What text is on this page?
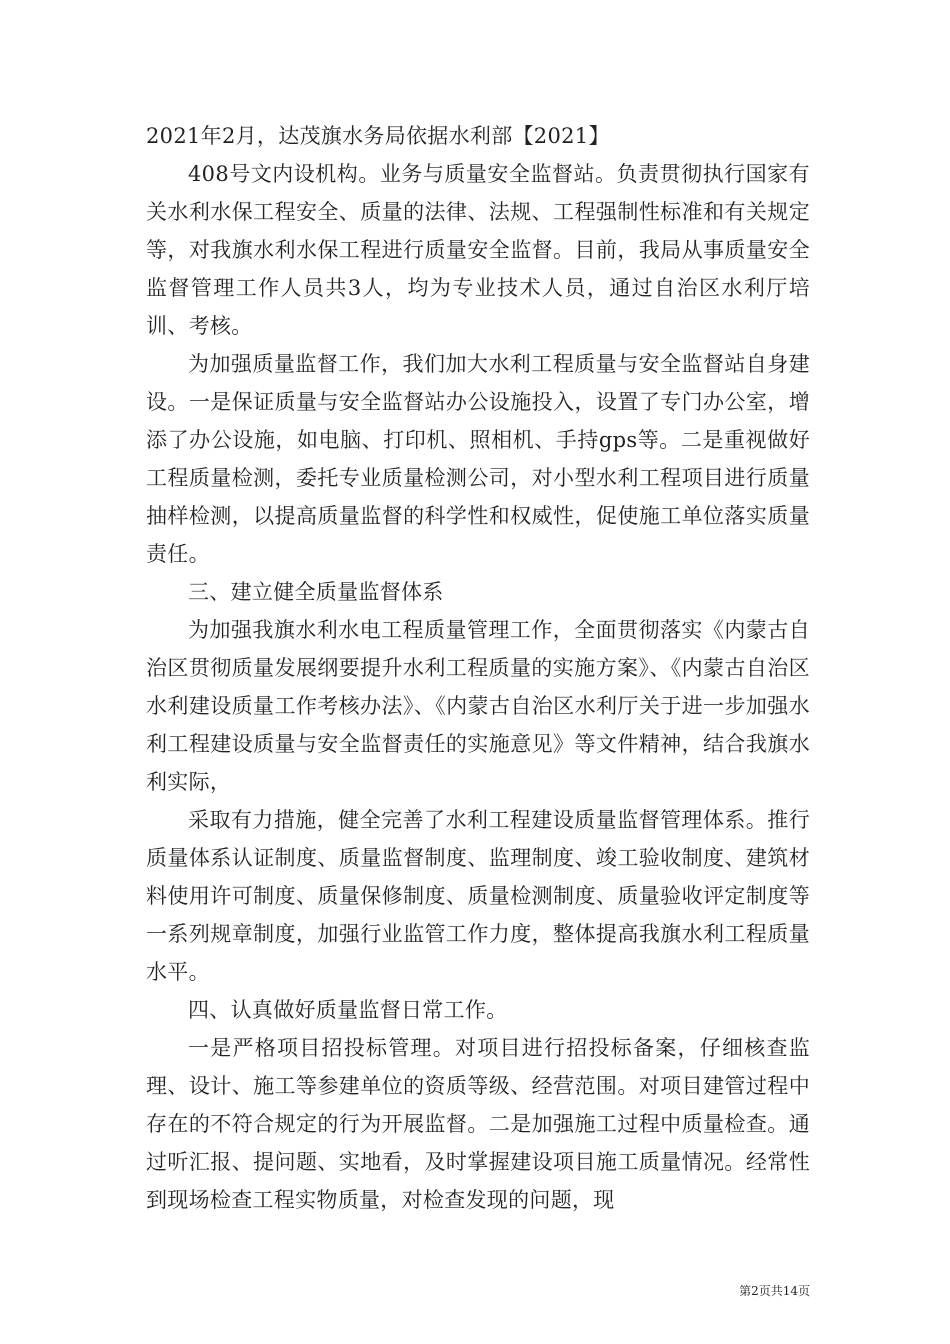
2021年2月，达茂旗水务局依据水利部【2021】

408号文内设机构。业务与质量安全监督站。负责贯彻执行国家有关水利水保工程安全、质量的法律、法规、工程强制性标准和有关规定等，对我旗水利水保工程进行质量安全监督。目前，我局从事质量安全监督管理工作人员共3人，均为专业技术人员，通过自治区水利厅培训、考核。

为加强质量监督工作，我们加大水利工程质量与安全监督站自身建设。一是保证质量与安全监督站办公设施投入，设置了专门办公室，增添了办公设施，如电脑、打印机、照相机、手持gps等。二是重视做好工程质量检测，委托专业质量检测公司，对小型水利工程项目进行质量抽样检测，以提高质量监督的科学性和权威性，促使施工单位落实质量责任。

三、建立健全质量监督体系

为加强我旗水利水电工程质量管理工作，全面贯彻落实《内蒙古自治区贯彻质量发展纲要提升水利工程质量的实施方案》、《内蒙古自治区水利建设质量工作考核办法》、《内蒙古自治区水利厅关于进一步加强水利工程建设质量与安全监督责任的实施意见》等文件精神，结合我旗水利实际，

采取有力措施，健全完善了水利工程建设质量监督管理体系。推行质量体系认证制度、质量监督制度、监理制度、竣工验收制度、建筑材料使用许可制度、质量保修制度、质量检测制度、质量验收评定制度等一系列规章制度，加强行业监管工作力度，整体提高我旗水利工程质量水平。

四、认真做好质量监督日常工作。

一是严格项目招投标管理。对项目进行招投标备案，仔细核查监理、设计、施工等参建单位的资质等级、经营范围。对项目建管过程中存在的不符合规定的行为开展监督。二是加强施工过程中质量检查。通过听汇报、提问题、实地看，及时掌握建设项目施工质量情况。经常性到现场检查工程实物质量，对检查发现的问题，现

第2页共14页
